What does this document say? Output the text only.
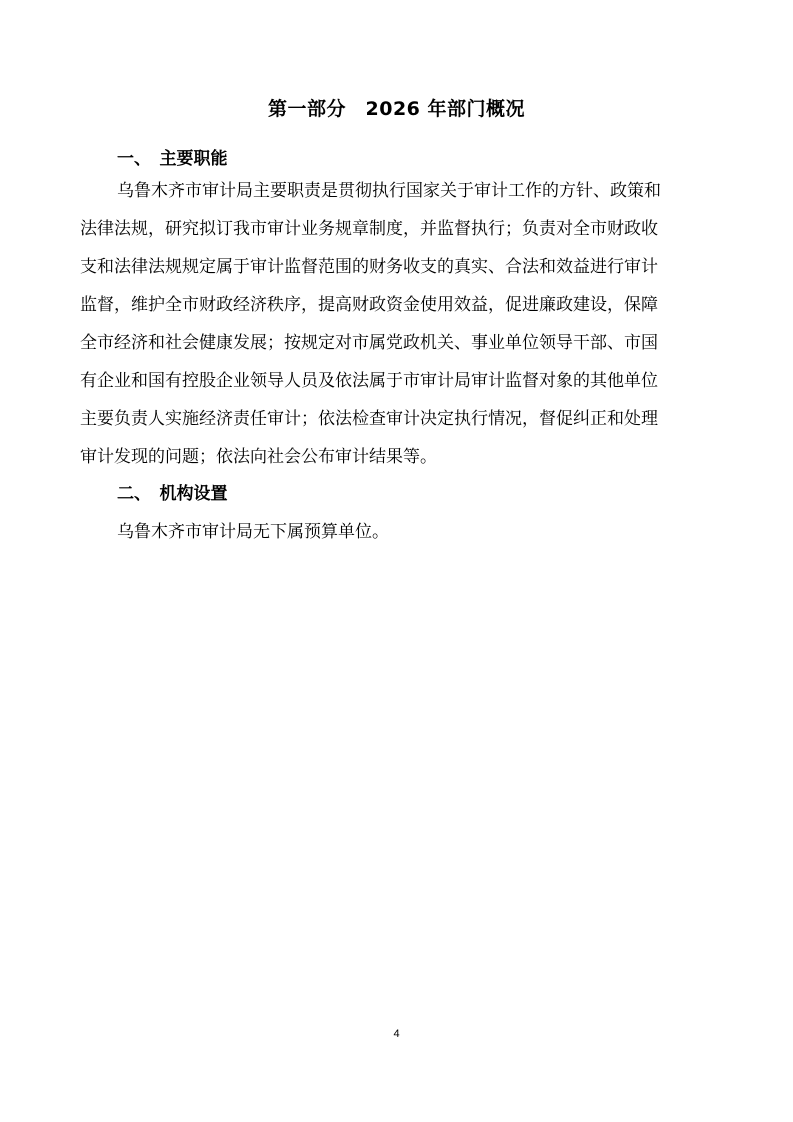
第一部分　2026 年部门概况
一、　主要职能
乌鲁木齐市审计局主要职责是贯彻执行国家关于审计工作的方针、政策和
法律法规，研究拟订我市审计业务规章制度，并监督执行；负责对全市财政收
支和法律法规规定属于审计监督范围的财务收支的真实、合法和效益进行审计
监督，维护全市财政经济秩序，提高财政资金使用效益，促进廉政建设，保障
全市经济和社会健康发展；按规定对市属党政机关、事业单位领导干部、市国
有企业和国有控股企业领导人员及依法属于市审计局审计监督对象的其他单位
主要负责人实施经济责任审计；依法检查审计决定执行情况，督促纠正和处理
审计发现的问题；依法向社会公布审计结果等。
二、　机构设置
乌鲁木齐市审计局无下属预算单位。
4
